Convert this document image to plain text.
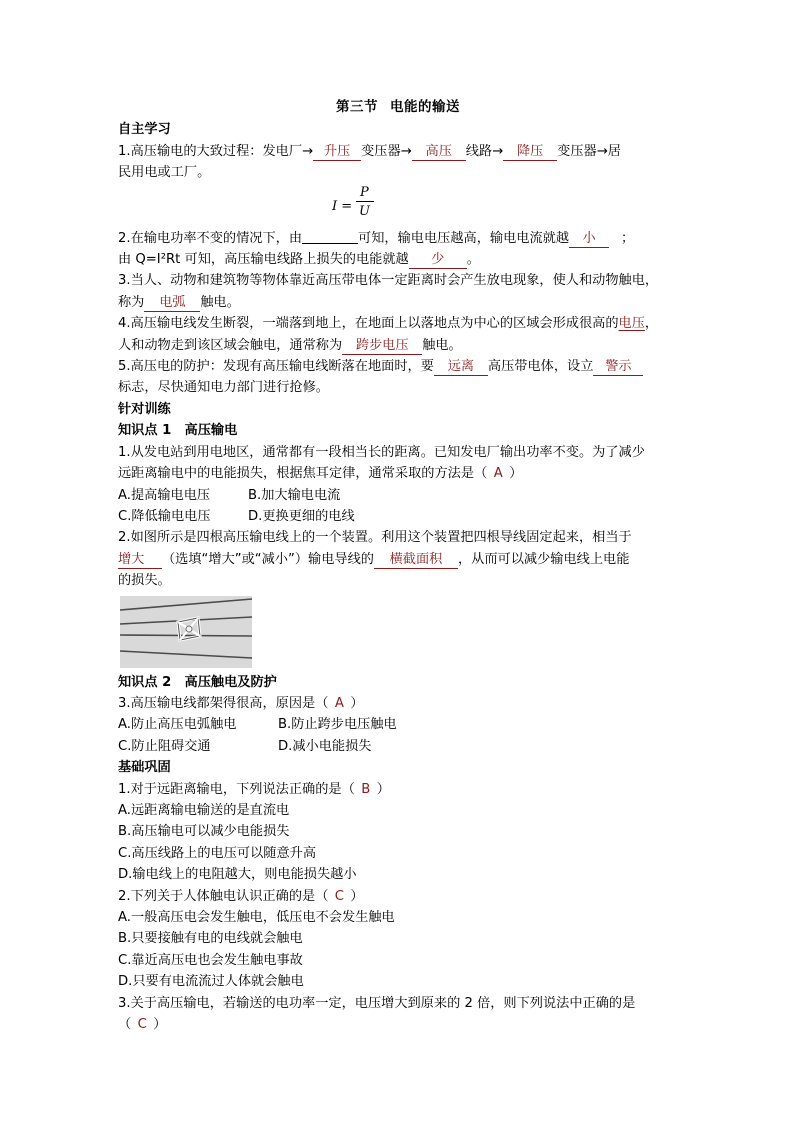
第三节 电能的输送
自主学习
1.高压输电的大致过程：发电厂→ 升压 变压器→ 高压 线路→ 降压 变压器→居
民用电或工厂。
I =
P
U
2.在输电功率不变的情况下，由	可知，输电电压越高，输电电流就越 小 ；
由 Q=I²Rt 可知，高压输电线路上损失的电能就越 少 。
3.当人、动物和建筑物等物体靠近高压带电体一定距离时会产生放电现象，使人和动物触电，
称为 电弧 触电。
4.高压输电线发生断裂，一端落到地上，在地面上以落地点为中心的区域会形成很高的电压，
人和动物走到该区域会触电，通常称为 跨步电压 触电。
5.高压电的防护：发现有高压输电线断落在地面时，要 远离 高压带电体，设立 警示
标志，尽快通知电力部门进行抢修。
针对训练
知识点 1　高压输电
1.从发电站到用电地区，通常都有一段相当长的距离。已知发电厂输出功率不变。为了减少
远距离输电中的电能损失，根据焦耳定律，通常采取的方法是（ A ）
A.提高输电电压	B.加大输电电流
C.降低输电电压	D.更换更细的电线
2.如图所示是四根高压输电线上的一个装置。利用这个装置把四根导线固定起来，相当于
增大 （选填“增大”或“减小”）输电导线的 横截面积 ，从而可以减少输电线上电能
的损失。
知识点 2　高压触电及防护
3.高压输电线都架得很高，原因是（ A ）
A.防止高压电弧触电	B.防止跨步电压触电
C.防止阻碍交通	D.减小电能损失
基础巩固
1.对于远距离输电，下列说法正确的是（ B ）
A.远距离输电输送的是直流电
B.高压输电可以减少电能损失
C.高压线路上的电压可以随意升高
D.输电线上的电阻越大，则电能损失越小
2.下列关于人体触电认识正确的是（ C ）
A.一般高压电会发生触电，低压电不会发生触电
B.只要接触有电的电线就会触电
C.靠近高压电也会发生触电事故
D.只要有电流流过人体就会触电
3.关于高压输电，若输送的电功率一定，电压增大到原来的 2 倍，则下列说法中正确的是
（ C ）
